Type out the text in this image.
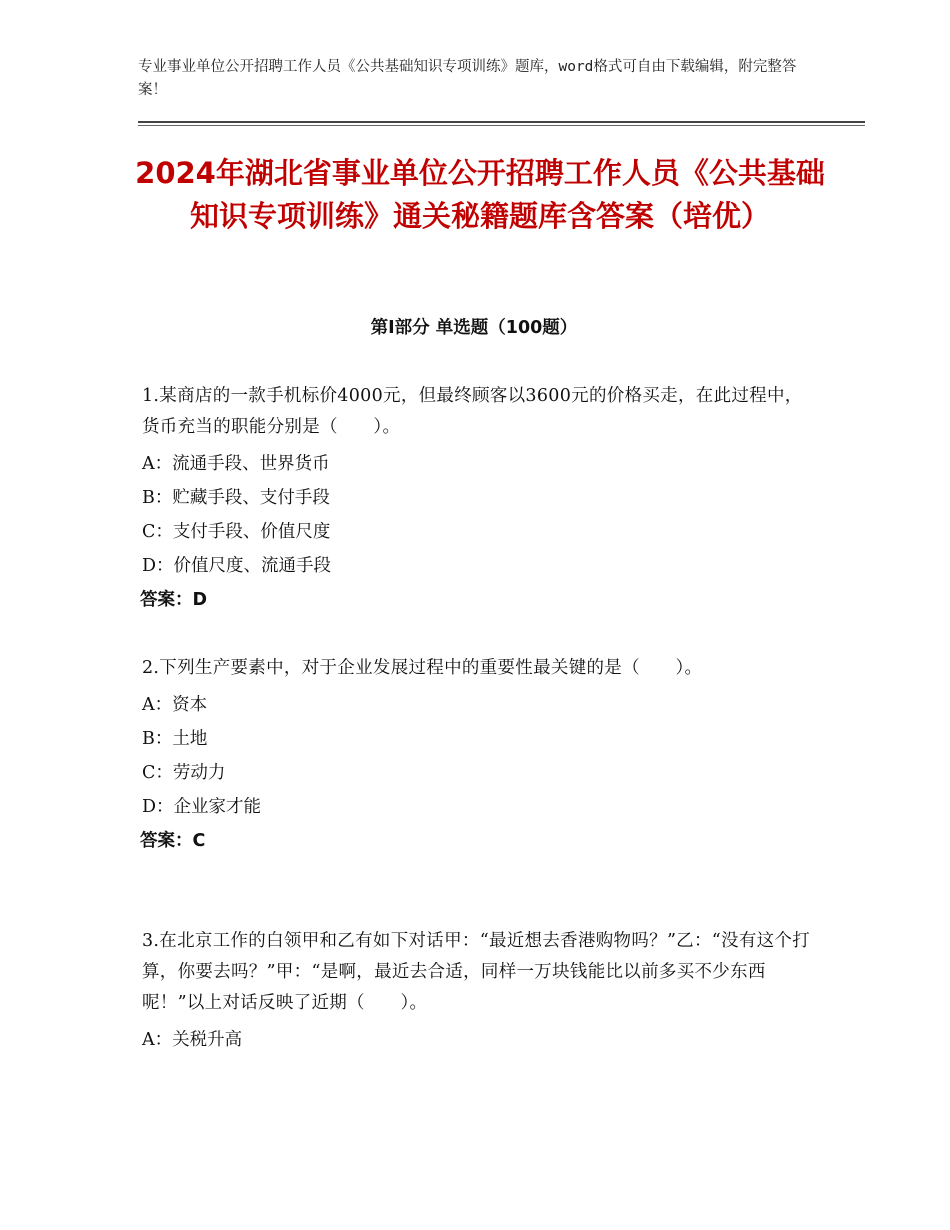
专业事业单位公开招聘工作人员《公共基础知识专项训练》题库，word格式可自由下载编辑，附完整答案！
2024年湖北省事业单位公开招聘工作人员《公共基础知识专项训练》通关秘籍题库含答案（培优）
第Ⅰ部分 单选题（100题）

1.某商店的一款手机标价4000元，但最终顾客以3600元的价格买走，在此过程中，货币充当的职能分别是（　　）。

A：流通手段、世界货币

B：贮藏手段、支付手段

C：支付手段、价值尺度

D：价值尺度、流通手段

答案：D

2.下列生产要素中，对于企业发展过程中的重要性最关键的是（　　）。

A：资本

B：土地

C：劳动力

D：企业家才能

答案：C

3.在北京工作的白领甲和乙有如下对话甲：“最近想去香港购物吗？”乙：“没有这个打算，你要去吗？”甲：“是啊，最近去合适，同样一万块钱能比以前多买不少东西呢！”以上对话反映了近期（　　）。

A：关税升高
